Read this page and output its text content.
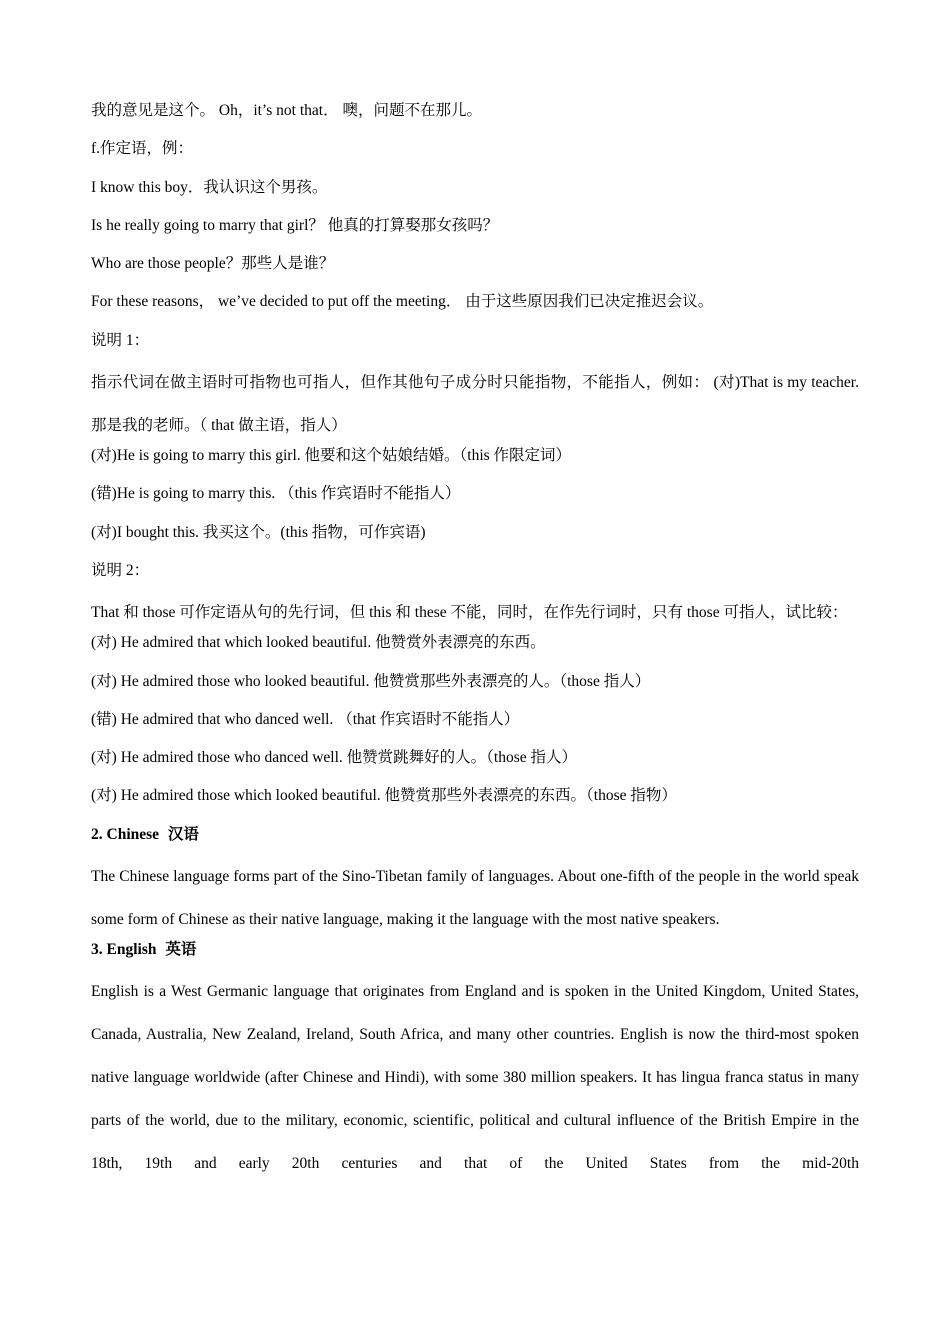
我的意见是这个。 Oh，it’s not that． 噢，问题不在那儿。
f.作定语，例：
I know this boy．我认识这个男孩。
Is he really going to marry that girl？ 他真的打算娶那女孩吗？
Who are those people？那些人是谁？
For these reasons， we’ve decided to put off the meeting． 由于这些原因我们已决定推迟会议。
说明 1：
指示代词在做主语时可指物也可指人，但作其他句子成分时只能指物，不能指人，例如： (对)That is my teacher. 那是我的老师。（ that 做主语，指人）
(对)He is going to marry this girl. 他要和这个姑娘结婚。（this 作限定词）
(错)He is going to marry this. （this 作宾语时不能指人）
(对)I bought this. 我买这个。(this 指物，可作宾语)
说明 2：
That 和 those 可作定语从句的先行词，但 this 和 these 不能，同时，在作先行词时，只有 those 可指人，试比较：
(对) He admired that which looked beautiful. 他赞赏外表漂亮的东西。
(对) He admired those who looked beautiful. 他赞赏那些外表漂亮的人。（those 指人）
(错) He admired that who danced well. （that 作宾语时不能指人）
(对) He admired those who danced well. 他赞赏跳舞好的人。（those 指人）
(对) He admired those which looked beautiful. 他赞赏那些外表漂亮的东西。（those 指物）
2. Chinese 汉语
The Chinese language forms part of the Sino-Tibetan family of languages. About one-fifth of the people in the world speak some form of Chinese as their native language, making it the language with the most native speakers.
3. English 英语
English is a West Germanic language that originates from England and is spoken in the United Kingdom, United States, Canada, Australia, New Zealand, Ireland, South Africa, and many other countries. English is now the third-most spoken native language worldwide (after Chinese and Hindi), with some 380 million speakers. It has lingua franca status in many parts of the world, due to the military, economic, scientific, political and cultural influence of the British Empire in the 18th, 19th and early 20th centuries and that of the United States from the mid-20th
